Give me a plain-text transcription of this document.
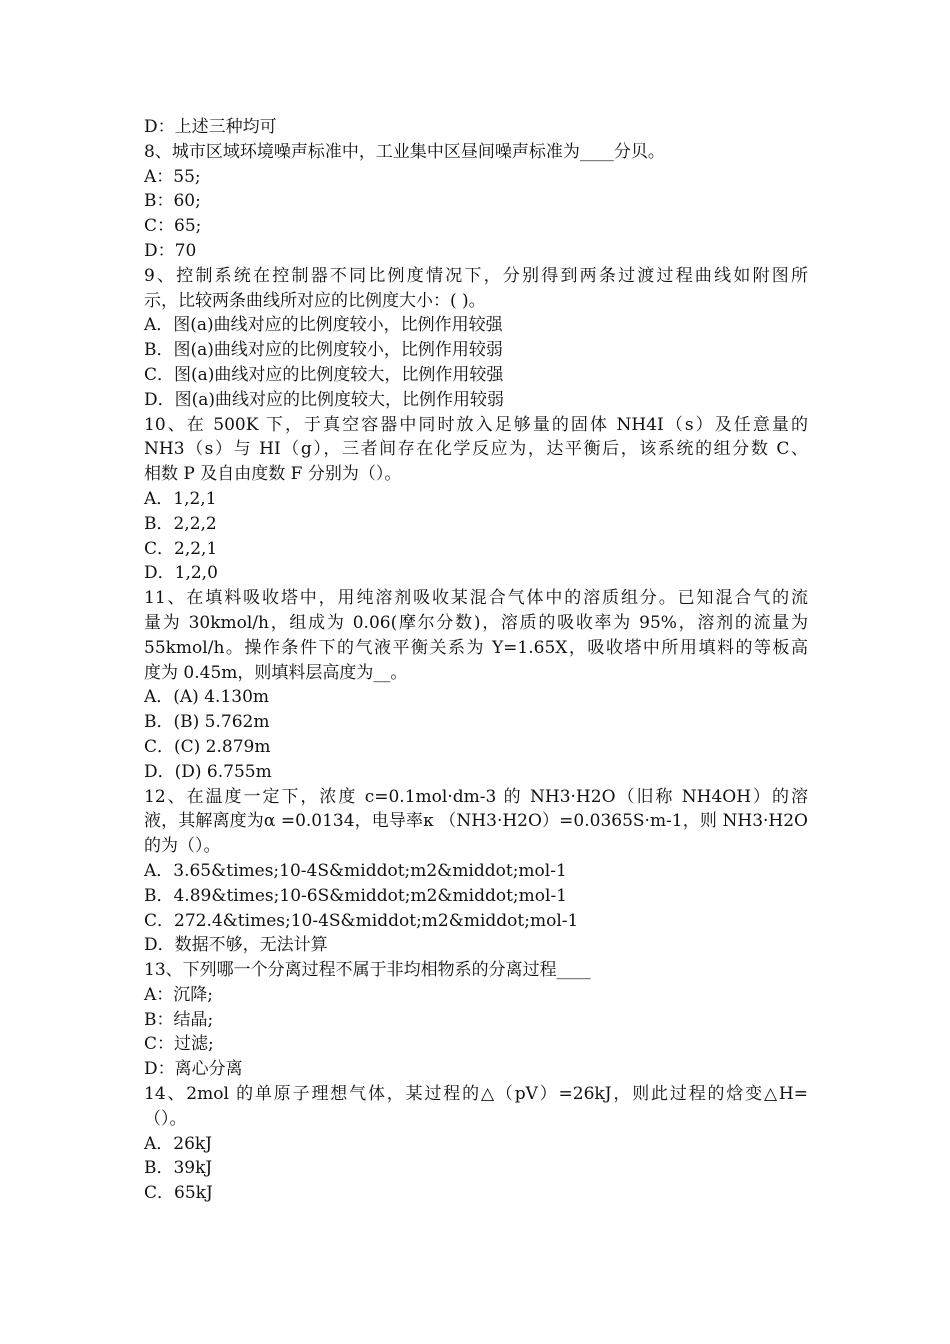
D：上述三种均可
8、城市区域环境噪声标准中，工业集中区昼间噪声标准为____分贝。
A：55;
B：60;
C：65;
D：70
9、控制系统在控制器不同比例度情况下，分别得到两条过渡过程曲线如附图所
示，比较两条曲线所对应的比例度大小：( )。
A．图(a)曲线对应的比例度较小，比例作用较强
B．图(a)曲线对应的比例度较小，比例作用较弱
C．图(a)曲线对应的比例度较大，比例作用较强
D．图(a)曲线对应的比例度较大，比例作用较弱
10、在 500K 下，于真空容器中同时放入足够量的固体 NH4I（s）及任意量的
NH3（s）与 HI（g），三者间存在化学反应为，达平衡后，该系统的组分数 C、
相数 P 及自由度数 F 分别为（）。
A．1,2,1
B．2,2,2
C．2,2,1
D．1,2,0
11、在填料吸收塔中，用纯溶剂吸收某混合气体中的溶质组分。已知混合气的流
量为 30kmol/h，组成为 0.06(摩尔分数)，溶质的吸收率为 95%，溶剂的流量为
55kmol/h。操作条件下的气液平衡关系为 Y=1.65X，吸收塔中所用填料的等板高
度为 0.45m，则填料层高度为__。
A．(A) 4.130m
B．(B) 5.762m
C．(C) 2.879m
D．(D) 6.755m
12、在温度一定下，浓度 c=0.1mol·dm-3 的 NH3·H2O（旧称 NH4OH）的溶
液，其解离度为α =0.0134，电导率κ （NH3·H2O）=0.0365S·m-1，则 NH3·H2O
的为（）。
A．3.65&times;10-4S&middot;m2&middot;mol-1
B．4.89&times;10-6S&middot;m2&middot;mol-1
C．272.4&times;10-4S&middot;m2&middot;mol-1
D．数据不够，无法计算
13、下列哪一个分离过程不属于非均相物系的分离过程____
A：沉降;
B：结晶;
C：过滤;
D：离心分离
14、2mol 的单原子理想气体，某过程的△（pV）=26kJ，则此过程的焓变△H=
（）。
A．26kJ
B．39kJ
C．65kJ
